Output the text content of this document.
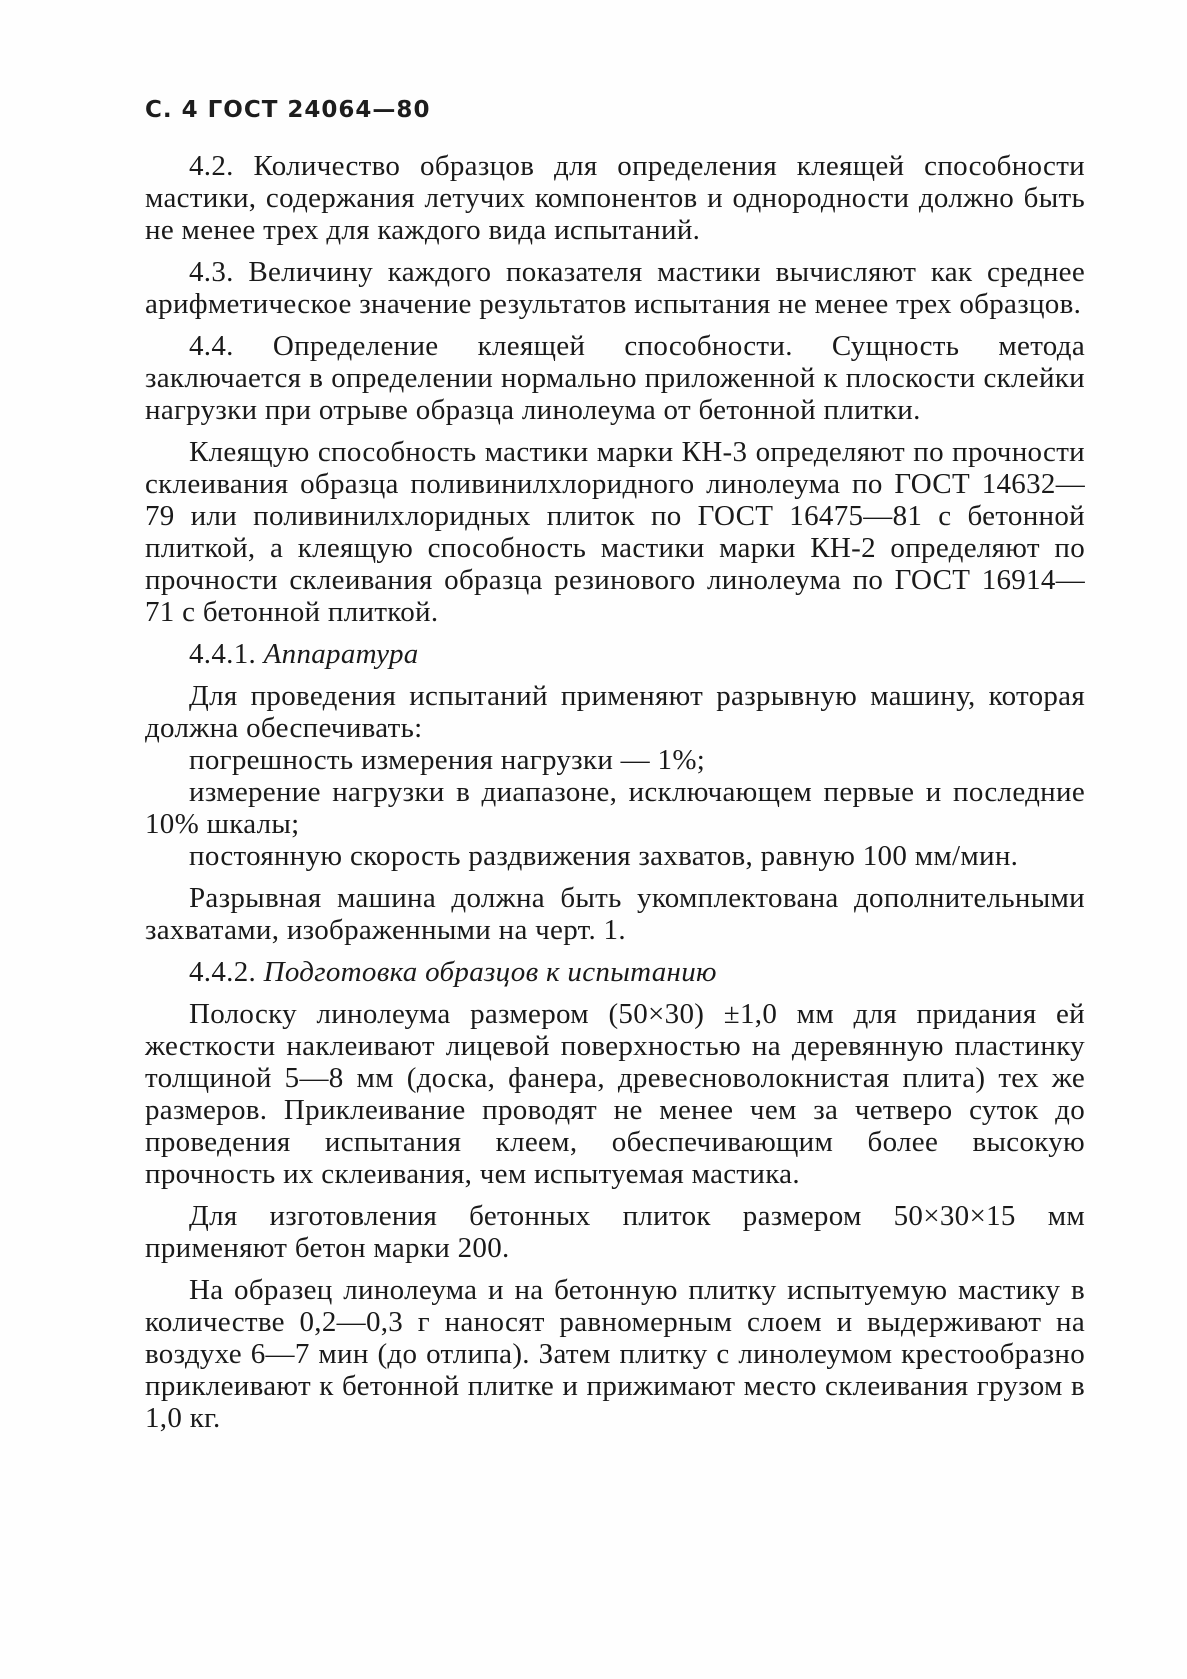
С. 4 ГОСТ 24064—80

4.2. Количество образцов для определения клеящей способности мастики, содержания летучих компонентов и однородности должно быть не менее трех для каждого вида испытаний.

4.3. Величину каждого показателя мастики вычисляют как среднее арифметическое значение результатов испытания не менее трех образцов.

4.4. Определение клеящей способности. Сущность метода заключается в определении нормально приложенной к плоскости склейки нагрузки при отрыве образца линолеума от бетонной плитки.

Клеящую способность мастики марки КН-3 определяют по прочности склеивания образца поливинилхлоридного линолеума по ГОСТ 14632—79 или поливинилхлоридных плиток по ГОСТ 16475—81 с бетонной плиткой, а клеящую способность мастики марки КН-2 определяют по прочности склеивания образца резинового линолеума по ГОСТ 16914—71 с бетонной плиткой.

4.4.1. Аппаратура

Для проведения испытаний применяют разрывную машину, которая должна обеспечивать:

погрешность измерения нагрузки — 1%;

измерение нагрузки в диапазоне, исключающем первые и последние 10% шкалы;

постоянную скорость раздвижения захватов, равную 100 мм/мин.

Разрывная машина должна быть укомплектована дополнительными захватами, изображенными на черт. 1.

4.4.2. Подготовка образцов к испытанию

Полоску линолеума размером (50×30) ±1,0 мм для придания ей жесткости наклеивают лицевой поверхностью на деревянную пластинку толщиной 5—8 мм (доска, фанера, древесноволокнистая плита) тех же размеров. Приклеивание проводят не менее чем за четверо суток до проведения испытания клеем, обеспечивающим более высокую прочность их склеивания, чем испытуемая мастика.

Для изготовления бетонных плиток размером 50×30×15 мм применяют бетон марки 200.

На образец линолеума и на бетонную плитку испытуемую мастику в количестве 0,2—0,3 г наносят равномерным слоем и выдерживают на воздухе 6—7 мин (до отлипа). Затем плитку с линолеумом крестообразно приклеивают к бетонной плитке и прижимают место склеивания грузом в 1,0 кг.
